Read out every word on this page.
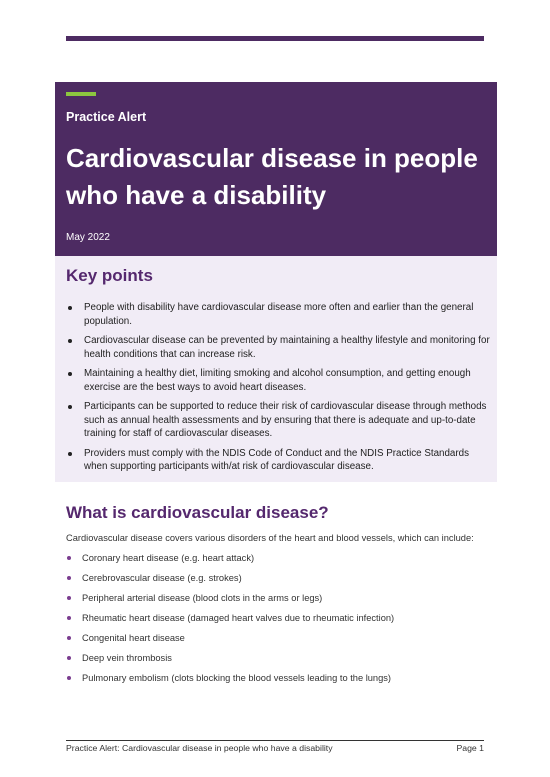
Practice Alert
Cardiovascular disease in people who have a disability
May 2022
Key points
People with disability have cardiovascular disease more often and earlier than the general population.
Cardiovascular disease can be prevented by maintaining a healthy lifestyle and monitoring for health conditions that can increase risk.
Maintaining a healthy diet, limiting smoking and alcohol consumption, and getting enough exercise are the best ways to avoid heart diseases.
Participants can be supported to reduce their risk of cardiovascular disease through methods such as annual health assessments and by ensuring that there is adequate and up-to-date training for staff of cardiovascular diseases.
Providers must comply with the NDIS Code of Conduct and the NDIS Practice Standards when supporting participants with/at risk of cardiovascular disease.
What is cardiovascular disease?
Cardiovascular disease covers various disorders of the heart and blood vessels, which can include:
Coronary heart disease (e.g. heart attack)
Cerebrovascular disease (e.g. strokes)
Peripheral arterial disease (blood clots in the arms or legs)
Rheumatic heart disease (damaged heart valves due to rheumatic infection)
Congenital heart disease
Deep vein thrombosis
Pulmonary embolism (clots blocking the blood vessels leading to the lungs)
Practice Alert: Cardiovascular disease in people who have a disability	Page 1
